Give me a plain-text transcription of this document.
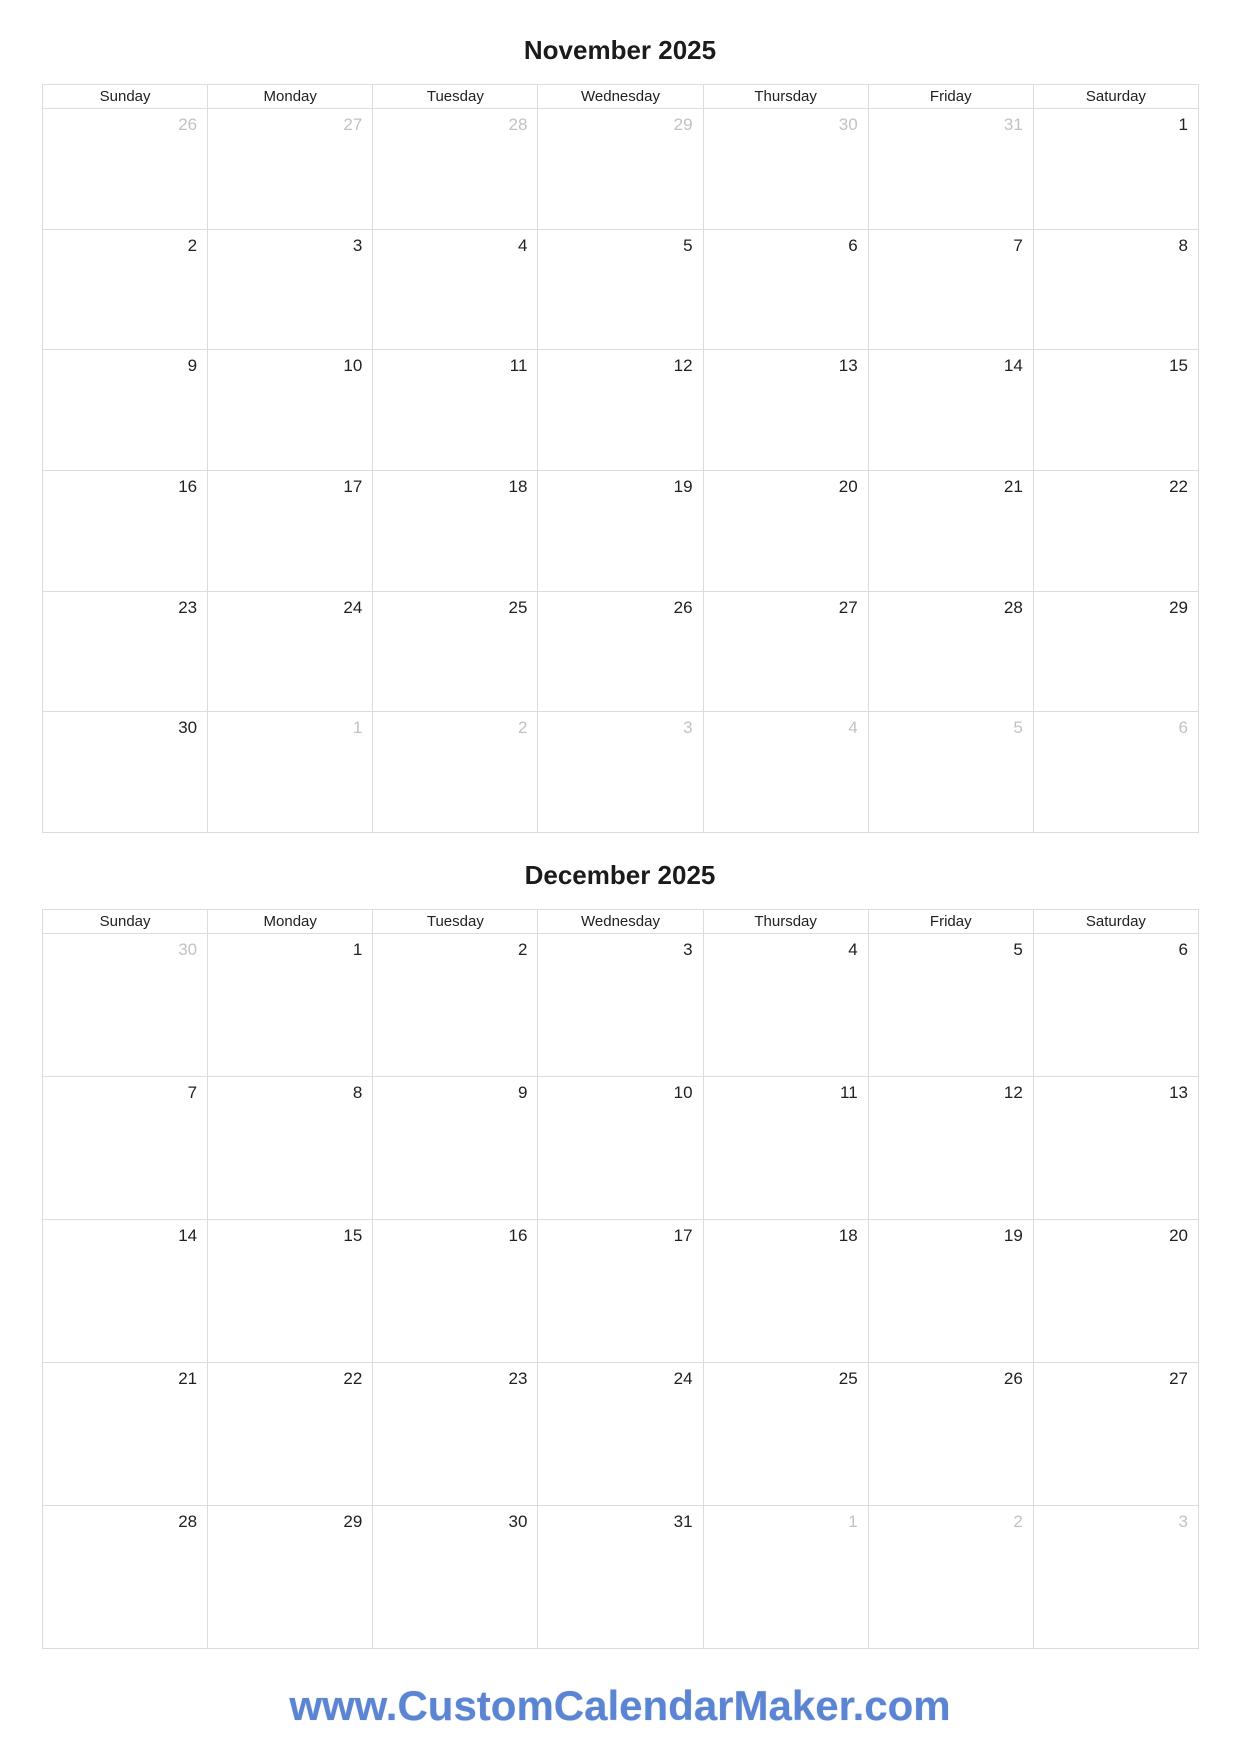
November 2025
Sunday	Monday	Tuesday	Wednesday	Thursday	Friday	Saturday
26	27	28	29	30	31	1
2	3	4	5	6	7	8
9	10	11	12	13	14	15
16	17	18	19	20	21	22
23	24	25	26	27	28	29
30	1	2	3	4	5	6
December 2025
Sunday	Monday	Tuesday	Wednesday	Thursday	Friday	Saturday
30	1	2	3	4	5	6
7	8	9	10	11	12	13
14	15	16	17	18	19	20
21	22	23	24	25	26	27
28	29	30	31	1	2	3
www.CustomCalendarMaker.com
